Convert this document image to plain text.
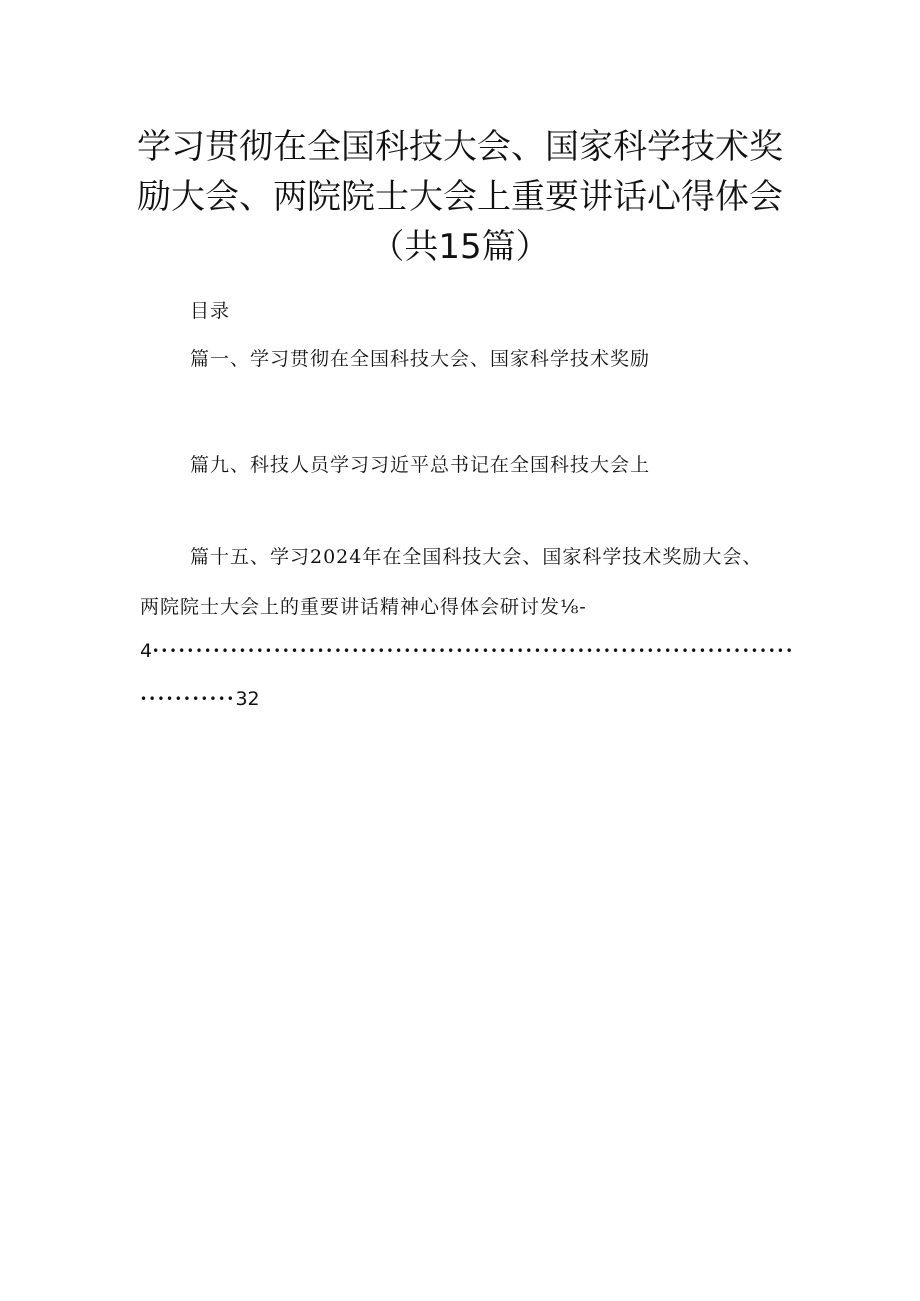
学习贯彻在全国科技大会、国家科学技术奖
励大会、两院院士大会上重要讲话心得体会
（共15篇）
目录
篇一、学习贯彻在全国科技大会、国家科学技术奖励
篇九、科技人员学习习近平总书记在全国科技大会上
篇十五、学习2024年在全国科技大会、国家科学技术奖励大会、
两院院士大会上的重要讲话精神心得体会研讨发⅛-
4••••••••••••••••••••••••••••••••••••••••••••••••••••••••••••••••••••••••••
•••••••••••32
